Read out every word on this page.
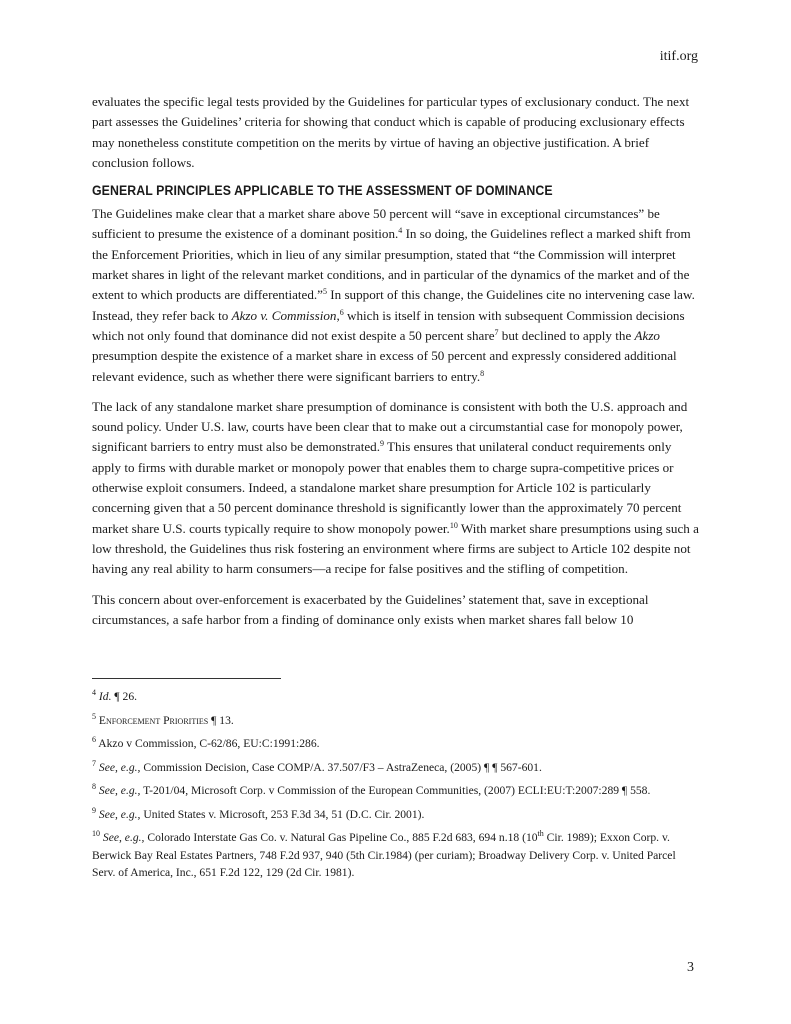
itif.org

evaluates the specific legal tests provided by the Guidelines for particular types of exclusionary conduct. The next part assesses the Guidelines’ criteria for showing that conduct which is capable of producing exclusionary effects may nonetheless constitute competition on the merits by virtue of having an objective justification. A brief conclusion follows.

GENERAL PRINCIPLES APPLICABLE TO THE ASSESSMENT OF DOMINANCE

The Guidelines make clear that a market share above 50 percent will “save in exceptional circumstances” be sufficient to presume the existence of a dominant position.$^4$ In so doing, the Guidelines reflect a marked shift from the Enforcement Priorities, which in lieu of any similar presumption, stated that “the Commission will interpret market shares in light of the relevant market conditions, and in particular of the dynamics of the market and of the extent to which products are differentiated.”$^5$ In support of this change, the Guidelines cite no intervening case law. Instead, they refer back to Akzo v. Commission,$^6$ which is itself in tension with subsequent Commission decisions which not only found that dominance did not exist despite a 50 percent share$^7$ but declined to apply the Akzo presumption despite the existence of a market share in excess of 50 percent and expressly considered additional relevant evidence, such as whether there were significant barriers to entry.$^8$

The lack of any standalone market share presumption of dominance is consistent with both the U.S. approach and sound policy. Under U.S. law, courts have been clear that to make out a circumstantial case for monopoly power, significant barriers to entry must also be demonstrated.$^9$ This ensures that unilateral conduct requirements only apply to firms with durable market or monopoly power that enables them to charge supra-competitive prices or otherwise exploit consumers. Indeed, a standalone market share presumption for Article 102 is particularly concerning given that a 50 percent dominance threshold is significantly lower than the approximately 70 percent market share U.S. courts typically require to show monopoly power.$^{10}$ With market share presumptions using such a low threshold, the Guidelines thus risk fostering an environment where firms are subject to Article 102 despite not having any real ability to harm consumers—a recipe for false positives and the stifling of competition.

This concern about over-enforcement is exacerbated by the Guidelines’ statement that, save in exceptional circumstances, a safe harbor from a finding of dominance only exists when market shares fall below 10

$^4$ Id. ¶ 26.

$^5$ Enforcement Priorities ¶ 13.

$^6$ Akzo v Commission, C-62/86, EU:C:1991:286.

$^7$ See, e.g., Commission Decision, Case COMP/A. 37.507/F3 – AstraZeneca, (2005) ¶ ¶ 567-601.

$^8$ See, e.g., T-201/04, Microsoft Corp. v Commission of the European Communities, (2007) ECLI:EU:T:2007:289 ¶ 558.

$^9$ See, e.g., United States v. Microsoft, 253 F.3d 34, 51 (D.C. Cir. 2001).

$^{10}$ See, e.g., Colorado Interstate Gas Co. v. Natural Gas Pipeline Co., 885 F.2d 683, 694 n.18 (10th Cir. 1989); Exxon Corp. v. Berwick Bay Real Estates Partners, 748 F.2d 937, 940 (5th Cir.1984) (per curiam); Broadway Delivery Corp. v. United Parcel Serv. of America, Inc., 651 F.2d 122, 129 (2d Cir. 1981).

3
